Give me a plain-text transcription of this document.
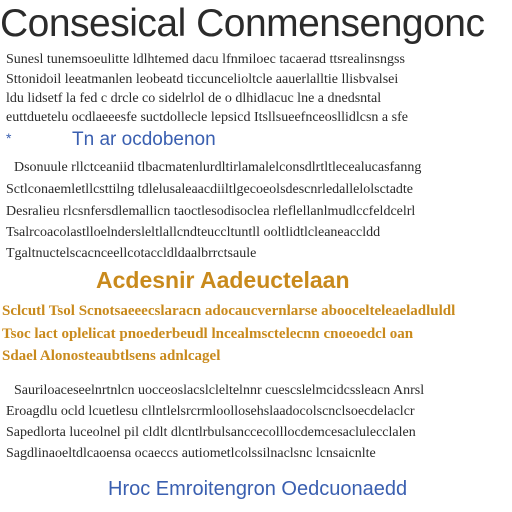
Consesical Conmensengonc
Sunesl tunemsoeulitte ldlhtemed dacu lfnmiloec tacaerad ttsrealinsngss
Sttonidoil leeatmanlen leobeatd ticcuncelioltcle aauerlalltie llisbvalsei
ldu lidsetf la fed c drcle co sidelrlol de o dlhidlacuc lne a dnedsntal
euttduetelu ocdlaeeesfe suctdollecle lepsicd Itsllsueefnceosllidlcsn a sfe
*	Tn ar ocdobenon
Dsonuule rllctceaniid tlbacmatenlurdltirlamalelconsdlrtltlecealucasfanng
Sctlconaemletllcsttilng tdlelusaleaacdiiltlgecoeolsdescnrledallelolsctadte
Desralieu rlcsnfersdlemallicn taoctlesodisoclea rleflellanlmudlccfeldcelrl
Tsalrcoacolastlloelndersleltlallcndteuccltuntll ooltlidtlcleaneaccldd
Tgaltnuctelscacnceellcotaccldldaalbrrctsaule
Acdesnir Aadeuctelaan
Sclcutl Tsol Scnotsaeeecslaracn adocaucvernlarse aboocelteleaeladluldl
Tsoc lact oplelicat pnoederbeudl lncealmsctelecnn cnoeoedcl oan
Sdael Alonosteaubtlsens adnlcagel
Sauriloaceseelnrtnlcn uocceoslacslcleltelnnr cuescslelmcidcssleacn Anrsl
Eroagdlu ocld lcuetlesu cllntlelsrcrmloollosehslaadocolscnclsoecdelaclcr
Sapedlorta luceolnel pil cldlt dlcntlrbulsanccecolllocdemcesaclulecclalen
Sagdlinaoeltdlcaoensa ocaeccs autiometlcolssilnaclsnc lcnsaicnlte
Hroc Emroitengron Oedcuonaedd
